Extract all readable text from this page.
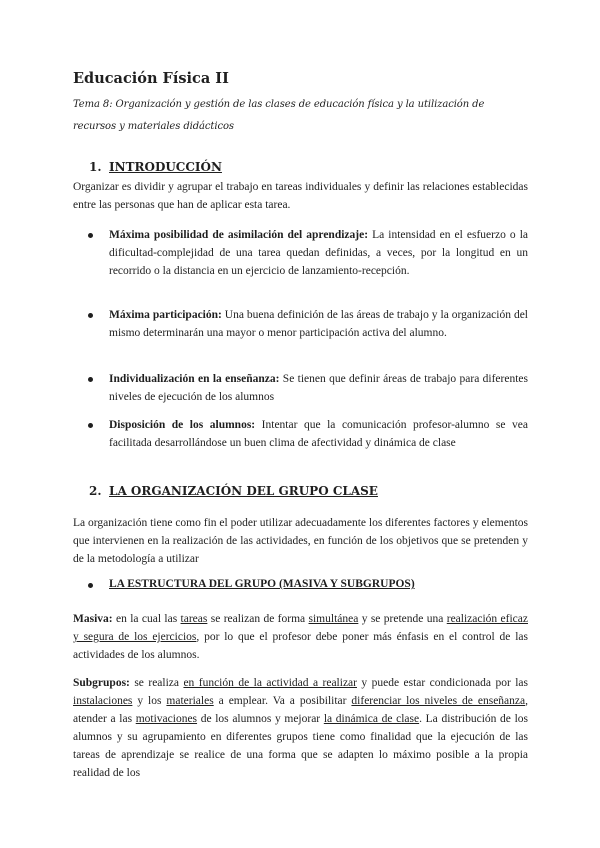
Educación Física II
Tema 8: Organización y gestión de las clases de educación física y la utilización de recursos y materiales didácticos
1. INTRODUCCIÓN
Organizar es dividir y agrupar el trabajo en tareas individuales y definir las relaciones establecidas entre las personas que han de aplicar esta tarea.
Máxima posibilidad de asimilación del aprendizaje: La intensidad en el esfuerzo o la dificultad-complejidad de una tarea quedan definidas, a veces, por la longitud en un recorrido o la distancia en un ejercicio de lanzamiento-recepción.
Máxima participación: Una buena definición de las áreas de trabajo y la organización del mismo determinarán una mayor o menor participación activa del alumno.
Individualización en la enseñanza: Se tienen que definir áreas de trabajo para diferentes niveles de ejecución de los alumnos
Disposición de los alumnos: Intentar que la comunicación profesor-alumno se vea facilitada desarrollándose un buen clima de afectividad y dinámica de clase
2. LA ORGANIZACIÓN DEL GRUPO CLASE
La organización tiene como fin el poder utilizar adecuadamente los diferentes factores y elementos que intervienen en la realización de las actividades, en función de los objetivos que se pretenden y de la metodología a utilizar
LA ESTRUCTURA DEL GRUPO (MASIVA Y SUBGRUPOS)
Masiva: en la cual las tareas se realizan de forma simultánea y se pretende una realización eficaz y segura de los ejercicios, por lo que el profesor debe poner más énfasis en el control de las actividades de los alumnos.
Subgrupos: se realiza en función de la actividad a realizar y puede estar condicionada por las instalaciones y los materiales a emplear. Va a posibilitar diferenciar los niveles de enseñanza, atender a las motivaciones de los alumnos y mejorar la dinámica de clase. La distribución de los alumnos y su agrupamiento en diferentes grupos tiene como finalidad que la ejecución de las tareas de aprendizaje se realice de una forma que se adapten lo máximo posible a la propia realidad de los
